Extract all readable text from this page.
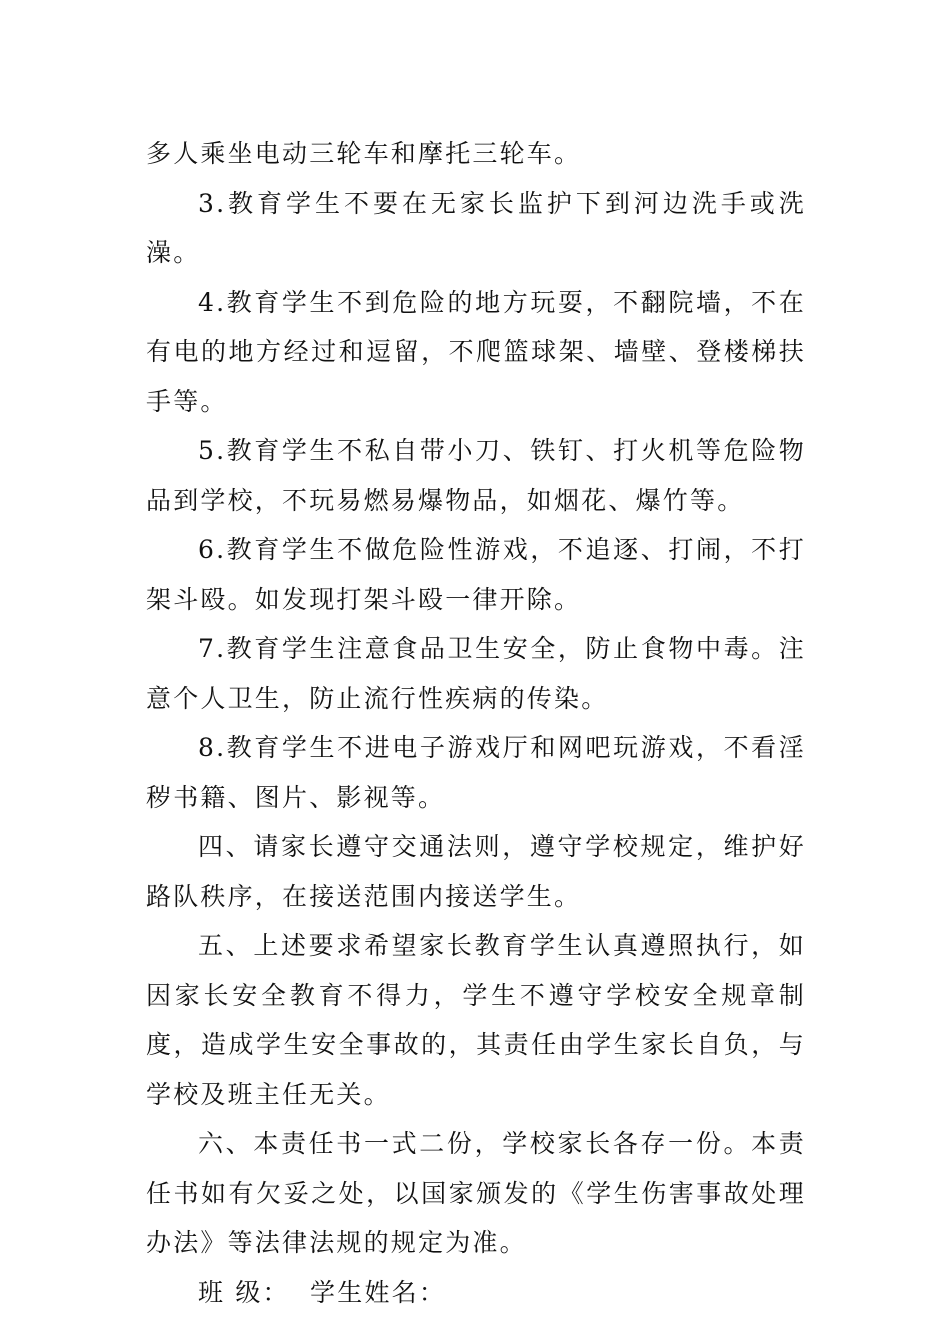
多人乘坐电动三轮车和摩托三轮车。

3.教育学生不要在无家长监护下到河边洗手或洗澡。

4.教育学生不到危险的地方玩耍，不翻院墙，不在有电的地方经过和逗留，不爬篮球架、墙壁、登楼梯扶手等。

5.教育学生不私自带小刀、铁钉、打火机等危险物品到学校，不玩易燃易爆物品，如烟花、爆竹等。

6.教育学生不做危险性游戏，不追逐、打闹，不打架斗殴。如发现打架斗殴一律开除。

7.教育学生注意食品卫生安全，防止食物中毒。注意个人卫生，防止流行性疾病的传染。

8.教育学生不进电子游戏厅和网吧玩游戏，不看淫秽书籍、图片、影视等。

四、请家长遵守交通法则，遵守学校规定，维护好路队秩序，在接送范围内接送学生。

五、上述要求希望家长教育学生认真遵照执行，如因家长安全教育不得力，学生不遵守学校安全规章制度，造成学生安全事故的，其责任由学生家长自负，与学校及班主任无关。

六、本责任书一式二份，学校家长各存一份。本责任书如有欠妥之处，以国家颁发的《学生伤害事故处理办法》等法律法规的规定为准。

班 级：  学生姓名：
